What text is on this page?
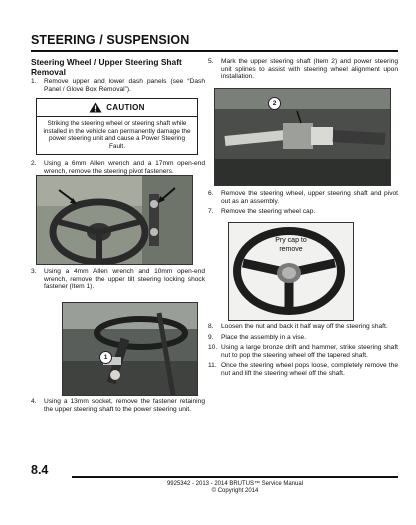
STEERING / SUSPENSION
Steering Wheel / Upper Steering Shaft Removal
1. Remove upper and lower dash panels (see “Dash Panel / Glove Box Removal”).
CAUTION
Striking the steering wheel or steering shaft while installed in the vehicle can permanently damage the power steering unit and cause a Power Steering Fault.
2. Using a 6mm Allen wrench and a 17mm open-end wrench, remove the steering pivot fasteners.
3. Using a 4mm Allen wrench and 10mm open-end wrench, remove the upper tilt steering locking shock fastener (Item 1).
4. Using a 13mm socket, remove the fastener retaining the upper steering shaft to the power steering unit.
1
5. Mark the upper steering shaft (Item 2) and power steering unit splines to assist with steering wheel alignment upon installation.
2
6. Remove the steering wheel, upper steering shaft and pivot out as an assembly.
7. Remove the steering wheel cap.
Pry cap to
remove
8. Loosen the nut and back it half way off the steering shaft.
9. Place the assembly in a vise.
10. Using a large bronze drift and hammer, strike steering shaft nut to pop the steering wheel off the tapered shaft.
11. Once the steering wheel pops loose, completely remove the nut and lift the steering wheel off the shaft.
8.4
9925342 - 2013 - 2014 BRUTUS™ Service Manual
© Copyright 2014
